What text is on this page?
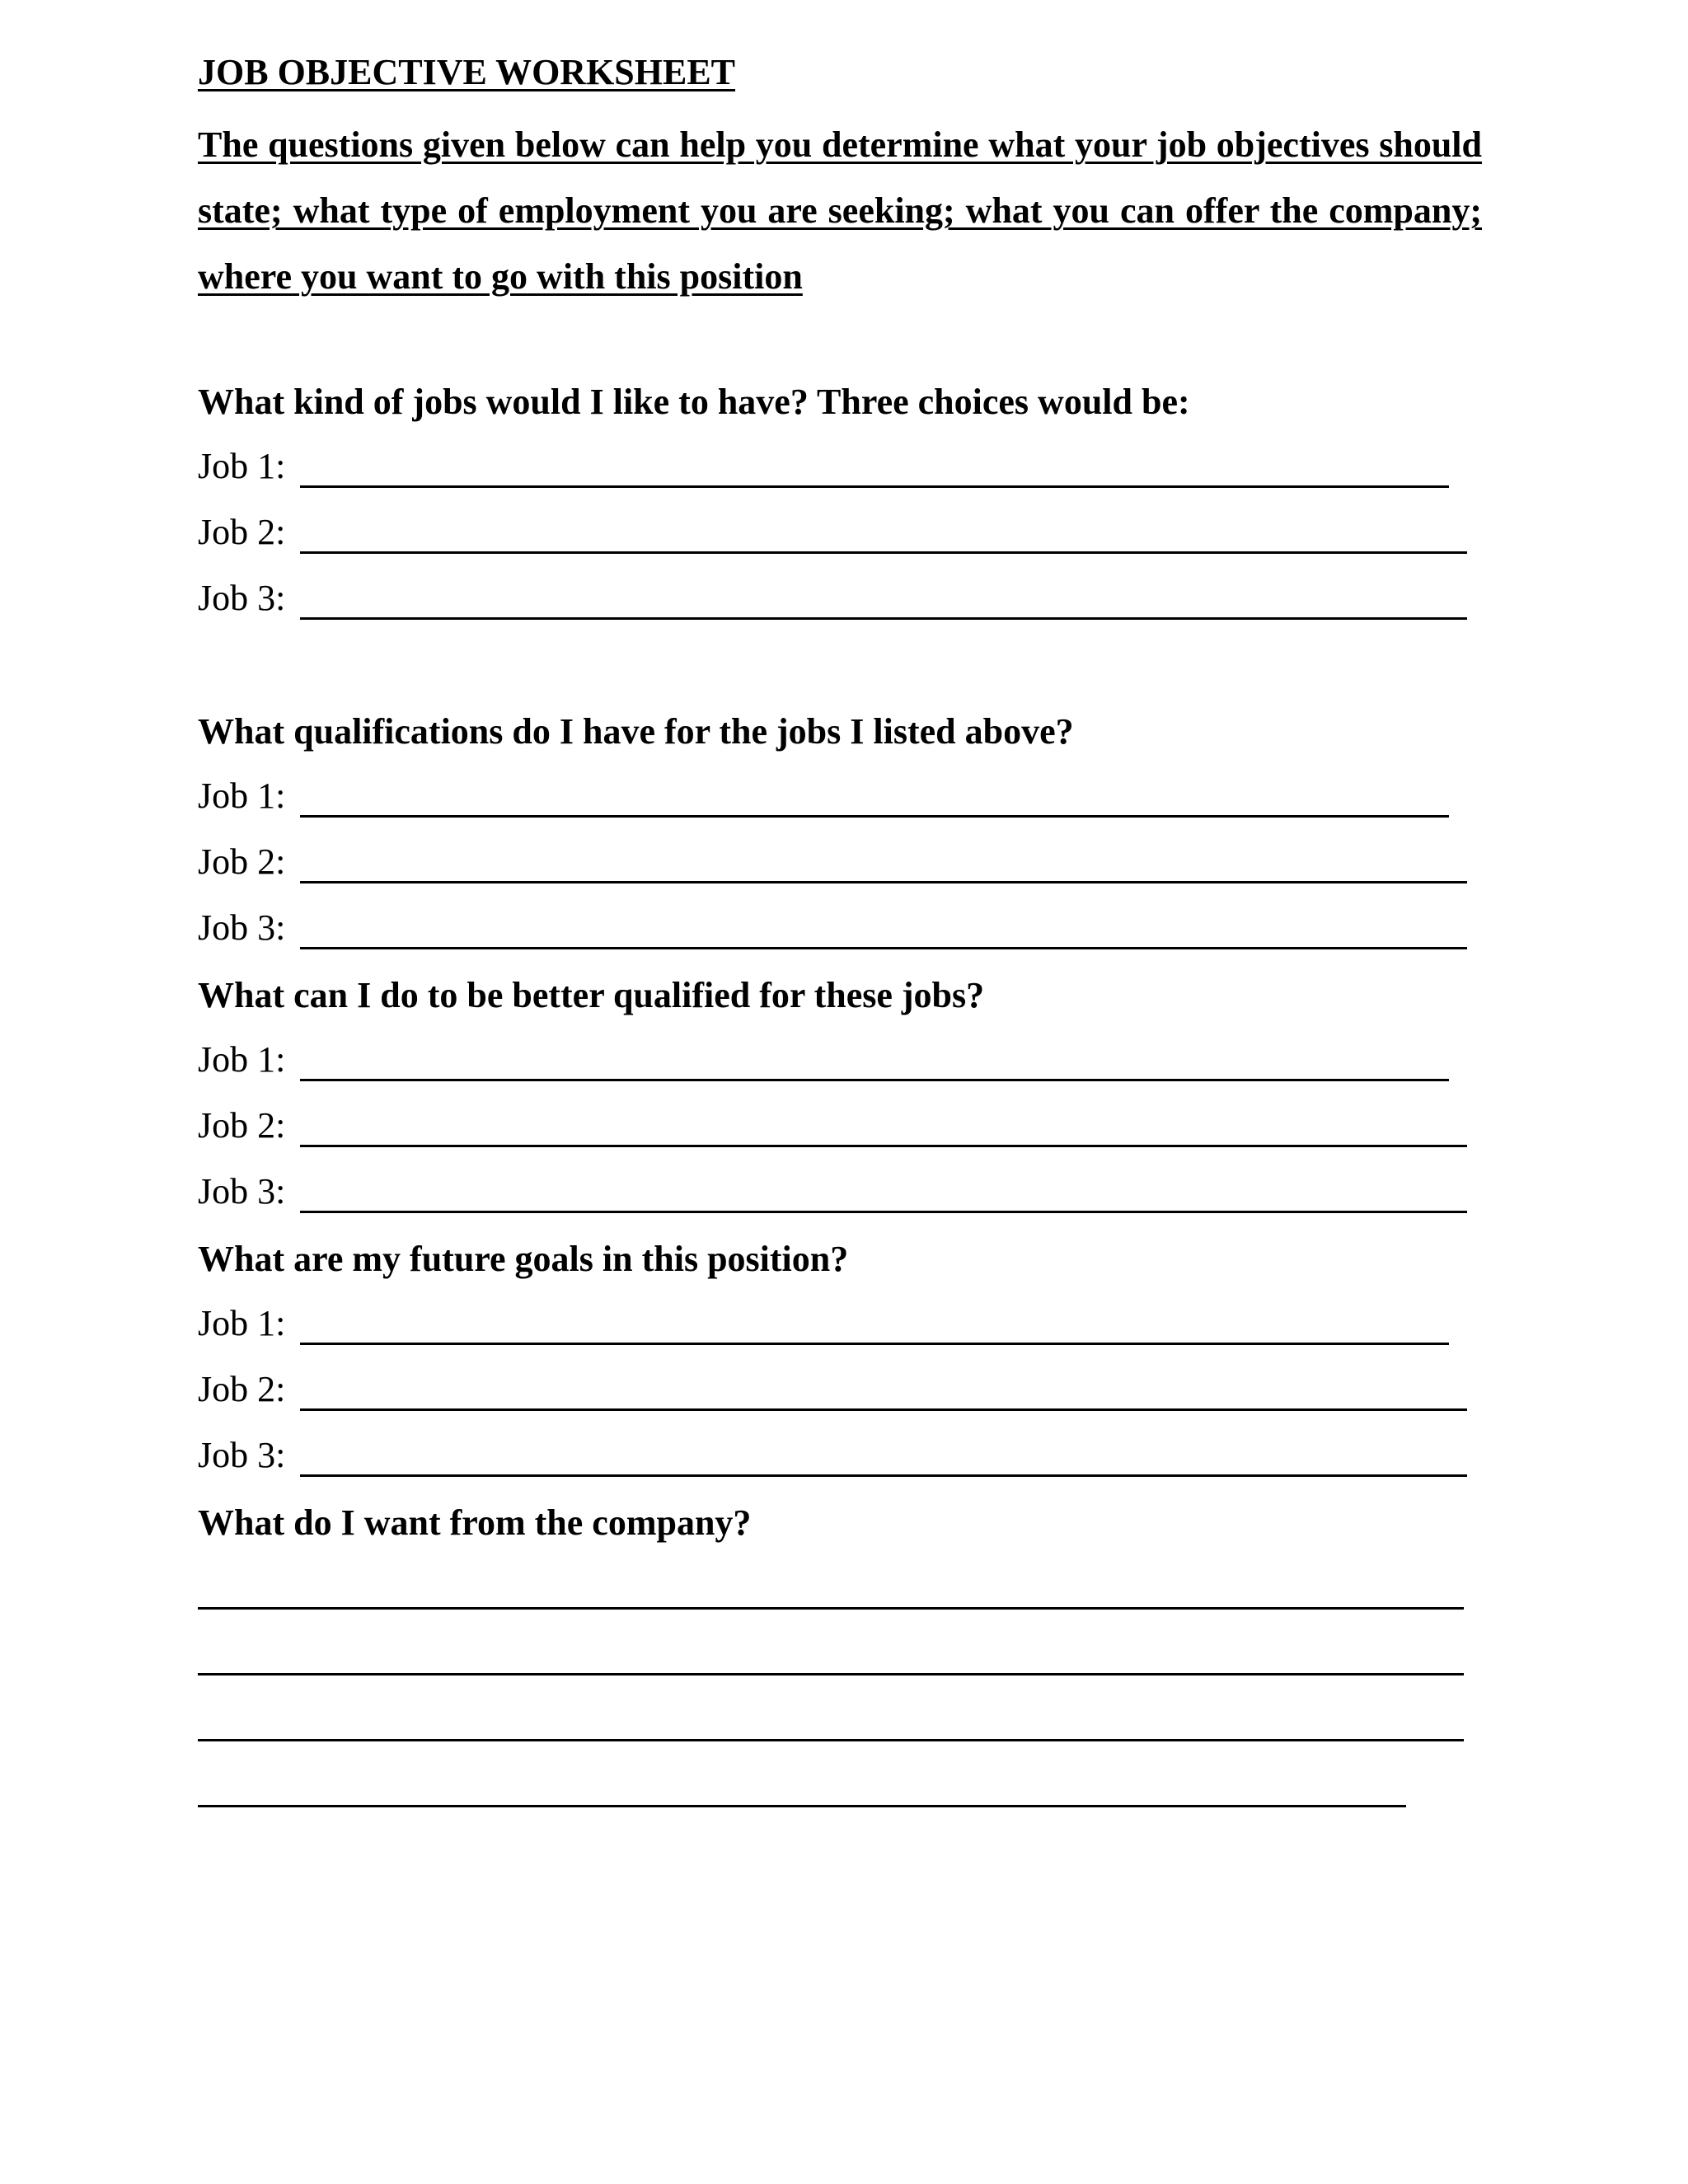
JOB OBJECTIVE WORKSHEET

The questions given below can help you determine what your job objectives should state; what type of employment you are seeking; what you can offer the company; where you want to go with this position

What kind of jobs would I like to have? Three choices would be:
Job 1:
Job 2:
Job 3:
What qualifications do I have for the jobs I listed above?
Job 1:
Job 2:
Job 3:
What can I do to be better qualified for these jobs?
Job 1:
Job 2:
Job 3:
What are my future goals in this position?
Job 1:
Job 2:
Job 3:
What do I want from the company?
